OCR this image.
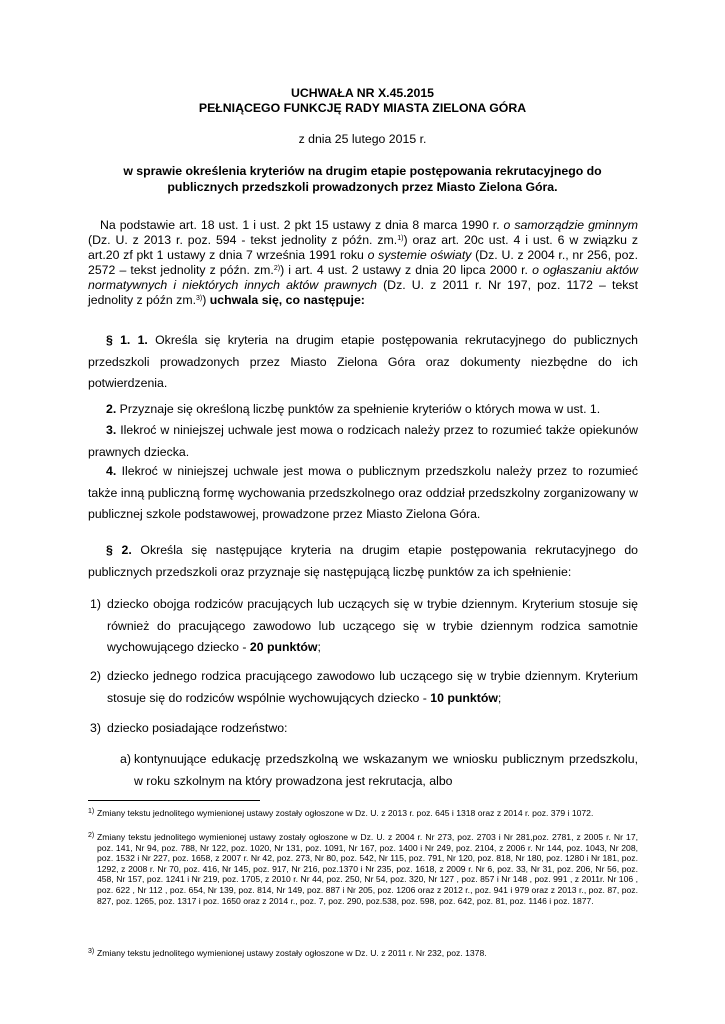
UCHWAŁA NR X.45.2015
PEŁNIĄCEGO FUNKCJĘ RADY MIASTA ZIELONA GÓRA
z dnia 25 lutego 2015 r.
w sprawie określenia kryteriów na drugim etapie postępowania rekrutacyjnego do publicznych przedszkoli prowadzonych przez Miasto Zielona Góra.
Na podstawie art. 18 ust. 1 i ust. 2 pkt 15 ustawy z dnia 8 marca 1990 r. o samorządzie gminnym (Dz. U. z 2013 r. poz. 594 - tekst jednolity z późn. zm.$^{1)}$) oraz art. 20c ust. 4 i ust. 6 w związku z art.20 zf pkt 1 ustawy z dnia 7 września 1991 roku o systemie oświaty (Dz. U. z 2004 r., nr 256, poz. 2572 – tekst jednolity z późn. zm.$^{2)}$) i art. 4 ust. 2 ustawy z dnia 20 lipca 2000 r. o ogłaszaniu aktów normatywnych i niektórych innych aktów prawnych (Dz. U. z 2011 r. Nr 197, poz. 1172 – tekst jednolity z późn zm.$^{3)}$) uchwala się, co następuje:
§ 1. 1. Określa się kryteria na drugim etapie postępowania rekrutacyjnego do publicznych przedszkoli prowadzonych przez Miasto Zielona Góra oraz dokumenty niezbędne do ich potwierdzenia.
2. Przyznaje się określoną liczbę punktów za spełnienie kryteriów o których mowa w ust. 1.
3. Ilekroć w niniejszej uchwale jest mowa o rodzicach należy przez to rozumieć także opiekunów prawnych dziecka.
4. Ilekroć w niniejszej uchwale jest mowa o publicznym przedszkolu należy przez to rozumieć także inną publiczną formę wychowania przedszkolnego oraz oddział przedszkolny zorganizowany w publicznej szkole podstawowej, prowadzone przez Miasto Zielona Góra.
§ 2. Określa się następujące kryteria na drugim etapie postępowania rekrutacyjnego do publicznych przedszkoli oraz przyznaje się następującą liczbę punktów za ich spełnienie:
1) dziecko obojga rodziców pracujących lub uczących się w trybie dziennym. Kryterium stosuje się również do pracującego zawodowo lub uczącego się w trybie dziennym rodzica samotnie wychowującego dziecko - 20 punktów;
2) dziecko jednego rodzica pracującego zawodowo lub uczącego się w trybie dziennym. Kryterium stosuje się do rodziców wspólnie wychowujących dziecko - 10 punktów;
3) dziecko posiadające rodzeństwo:
a) kontynuujące edukację przedszkolną we wskazanym we wniosku publicznym przedszkolu, w roku szkolnym na który prowadzona jest rekrutacja, albo
1) Zmiany tekstu jednolitego wymienionej ustawy zostały ogłoszone w Dz. U. z 2013 r. poz. 645 i 1318 oraz z 2014 r. poz. 379 i 1072.
2) Zmiany tekstu jednolitego wymienionej ustawy zostały ogłoszone w Dz. U. z 2004 r. Nr 273, poz. 2703 i Nr 281,poz. 2781, z 2005 r. Nr 17, poz. 141, Nr 94, poz. 788, Nr 122, poz. 1020, Nr 131, poz. 1091, Nr 167, poz. 1400 i Nr 249, poz. 2104, z 2006 r. Nr 144, poz. 1043, Nr 208, poz. 1532 i Nr 227, poz. 1658, z 2007 r. Nr 42, poz. 273, Nr 80, poz. 542, Nr 115, poz. 791, Nr 120, poz. 818, Nr 180, poz. 1280 i Nr 181, poz. 1292, z 2008 r. Nr 70, poz. 416, Nr 145, poz. 917, Nr 216, poz.1370 i Nr 235, poz. 1618, z 2009 r. Nr 6, poz. 33, Nr 31, poz. 206, Nr 56, poz. 458, Nr 157, poz. 1241 i Nr 219, poz. 1705, z 2010 r. Nr 44, poz. 250, Nr 54, poz. 320, Nr 127 , poz. 857 i Nr 148 , poz. 991 , z 2011r. Nr 106 , poz. 622 , Nr 112 , poz. 654, Nr 139, poz. 814, Nr 149, poz. 887 i Nr 205, poz. 1206 oraz z 2012 r., poz. 941 i 979 oraz z 2013 r., poz. 87, poz. 827, poz. 1265, poz. 1317 i poz. 1650 oraz z 2014 r., poz. 7, poz. 290, poz.538, poz. 598, poz. 642, poz. 81, poz. 1146 i poz. 1877.
3) Zmiany tekstu jednolitego wymienionej ustawy zostały ogłoszone w Dz. U. z 2011 r. Nr 232, poz. 1378.
